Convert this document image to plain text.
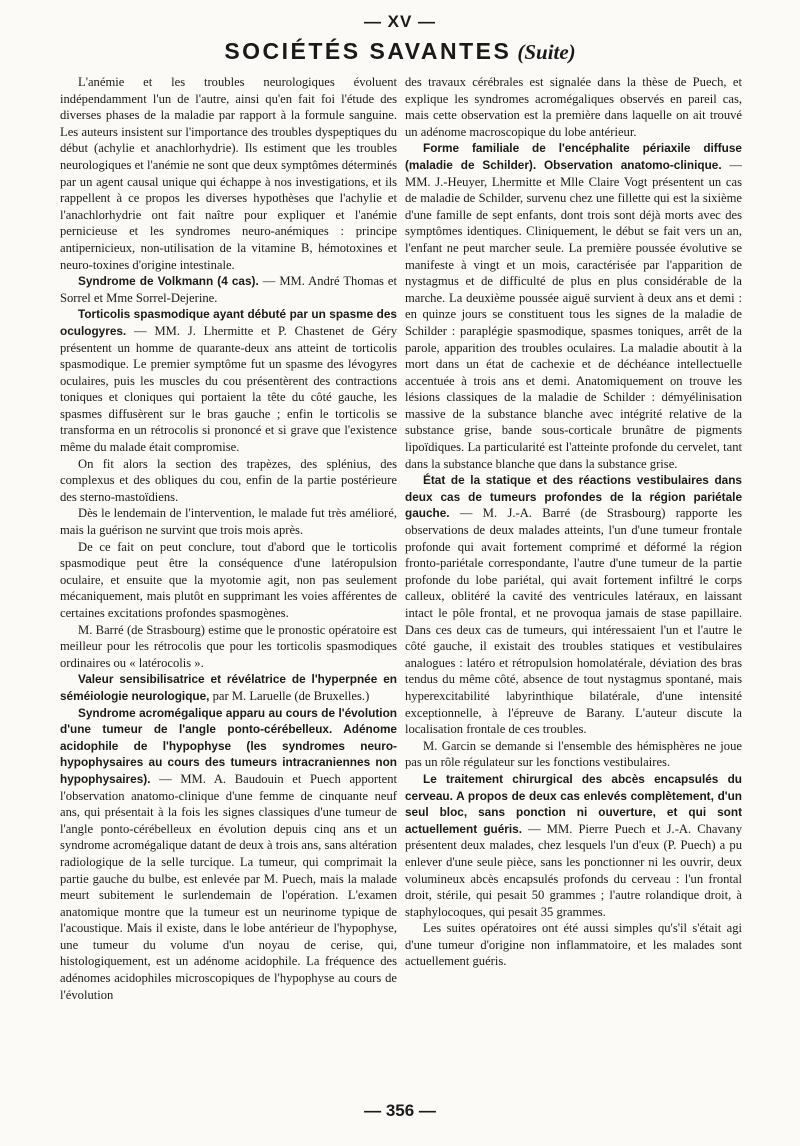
— XV —
SOCIÉTÉS SAVANTES (Suite)

L'anémie et les troubles neurologiques évoluent indépendamment l'un de l'autre, ainsi qu'en fait foi l'étude des diverses phases de la maladie par rapport à la formule sanguine. Les auteurs insistent sur l'importance des troubles dyspeptiques du début (achylie et anachlorhydrie). Ils estiment que les troubles neurologiques et l'anémie ne sont que deux symptômes déterminés par un agent causal unique qui échappe à nos investigations, et ils rappellent à ce propos les diverses hypothèses que l'achylie et l'anachlorhydrie ont fait naître pour expliquer et l'anémie pernicieuse et les syndromes neuro-anémiques : principe antipernicieux, non-utilisation de la vitamine B, hémotoxines et neuro-toxines d'origine intestinale.

Syndrome de Volkmann (4 cas). — MM. André Thomas et Sorrel et Mme Sorrel-Dejerine.

Torticolis spasmodique ayant débuté par un spasme des oculogyres. — MM. J. Lhermitte et P. Chastenet de Géry présentent un homme de quarante-deux ans atteint de torticolis spasmodique. Le premier symptôme fut un spasme des lévogyres oculaires, puis les muscles du cou présentèrent des contractions toniques et cloniques qui portaient la tête du côté gauche, les spasmes diffusèrent sur le bras gauche ; enfin le torticolis se transforma en un rétrocolis si prononcé et si grave que l'existence même du malade était compromise.

On fit alors la section des trapèzes, des splénius, des complexus et des obliques du cou, enfin de la partie postérieure des sterno-mastoïdiens.

Dès le lendemain de l'intervention, le malade fut très amélioré, mais la guérison ne survint que trois mois après.

De ce fait on peut conclure, tout d'abord que le torticolis spasmodique peut être la conséquence d'une latéropulsion oculaire, et ensuite que la myotomie agit, non pas seulement mécaniquement, mais plutôt en supprimant les voies afférentes de certaines excitations profondes spasmogènes.

M. Barré (de Strasbourg) estime que le pronostic opératoire est meilleur pour les rétrocolis que pour les torticolis spasmodiques ordinaires ou « latérocolis ».

Valeur sensibilisatrice et révélatrice de l'hyperpnée en séméiologie neurologique, par M. Laruelle (de Bruxelles.)

Syndrome acromégalique apparu au cours de l'évolution d'une tumeur de l'angle ponto-cérébelleux. Adénome acidophile de l'hypophyse (les syndromes neuro-hypophysaires au cours des tumeurs intracraniennes non hypophysaires). — MM. A. Baudouin et Puech apportent l'observation anatomo-clinique d'une femme de cinquante neuf ans, qui présentait à la fois les signes classiques d'une tumeur de l'angle ponto-cérébelleux en évolution depuis cinq ans et un syndrome acromégalique datant de deux à trois ans, sans altération radiologique de la selle turcique. La tumeur, qui comprimait la partie gauche du bulbe, est enlevée par M. Puech, mais la malade meurt subitement le surlendemain de l'opération. L'examen anatomique montre que la tumeur est un neurinome typique de l'acoustique. Mais il existe, dans le lobe antérieur de l'hypophyse, une tumeur du volume d'un noyau de cerise, qui, histologiquement, est un adénome acidophile. La fréquence des adénomes acidophiles microscopiques de l'hypophyse au cours de l'évolution

des travaux cérébrales est signalée dans la thèse de Puech, et explique les syndromes acromégaliques observés en pareil cas, mais cette observation est la première dans laquelle on ait trouvé un adénome macroscopique du lobe antérieur.

Forme familiale de l'encéphalite périaxile diffuse (maladie de Schilder). Observation anatomo-clinique. — MM. J.-Heuyer, Lhermitte et Mlle Claire Vogt présentent un cas de maladie de Schilder, survenu chez une fillette qui est la sixième d'une famille de sept enfants, dont trois sont déjà morts avec des symptômes identiques. Cliniquement, le début se fait vers un an, l'enfant ne peut marcher seule. La première poussée évolutive se manifeste à vingt et un mois, caractérisée par l'apparition de nystagmus et de difficulté de plus en plus considérable de la marche. La deuxième poussée aiguë survient à deux ans et demi : en quinze jours se constituent tous les signes de la maladie de Schilder : paraplégie spasmodique, spasmes toniques, arrêt de la parole, apparition des troubles oculaires. La maladie aboutit à la mort dans un état de cachexie et de déchéance intellectuelle accentuée à trois ans et demi. Anatomiquement on trouve les lésions classiques de la maladie de Schilder : démyélinisation massive de la substance blanche avec intégrité relative de la substance grise, bande sous-corticale brunâtre de pigments lipoïdiques. La particularité est l'atteinte profonde du cervelet, tant dans la substance blanche que dans la substance grise.

État de la statique et des réactions vestibulaires dans deux cas de tumeurs profondes de la région pariétale gauche. — M. J.-A. Barré (de Strasbourg) rapporte les observations de deux malades atteints, l'un d'une tumeur frontale profonde qui avait fortement comprimé et déformé la région fronto-pariétale correspondante, l'autre d'une tumeur de la partie profonde du lobe pariétal, qui avait fortement infiltré le corps calleux, oblitéré la cavité des ventricules latéraux, en laissant intact le pôle frontal, et ne provoqua jamais de stase papillaire. Dans ces deux cas de tumeurs, qui intéressaient l'un et l'autre le côté gauche, il existait des troubles statiques et vestibulaires analogues : latéro et rétropulsion homolatérale, déviation des bras tendus du même côté, absence de tout nystagmus spontané, mais hyperexcitabilité labyrinthique bilatérale, d'une intensité exceptionnelle, à l'épreuve de Barany. L'auteur discute la localisation frontale de ces troubles.

M. Garcin se demande si l'ensemble des hémisphères ne joue pas un rôle régulateur sur les fonctions vestibulaires.

Le traitement chirurgical des abcès encapsulés du cerveau. A propos de deux cas enlevés complètement, d'un seul bloc, sans ponction ni ouverture, et qui sont actuellement guéris. — MM. Pierre Puech et J.-A. Chavany présentent deux malades, chez lesquels l'un d'eux (P. Puech) a pu enlever d'une seule pièce, sans les ponctionner ni les ouvrir, deux volumineux abcès encapsulés profonds du cerveau : l'un frontal droit, stérile, qui pesait 50 grammes ; l'autre rolandique droit, à staphylocoques, qui pesait 35 grammes.

Les suites opératoires ont été aussi simples qu's'il s'était agi d'une tumeur d'origine non inflammatoire, et les malades sont actuellement guéris.

— 356 —
